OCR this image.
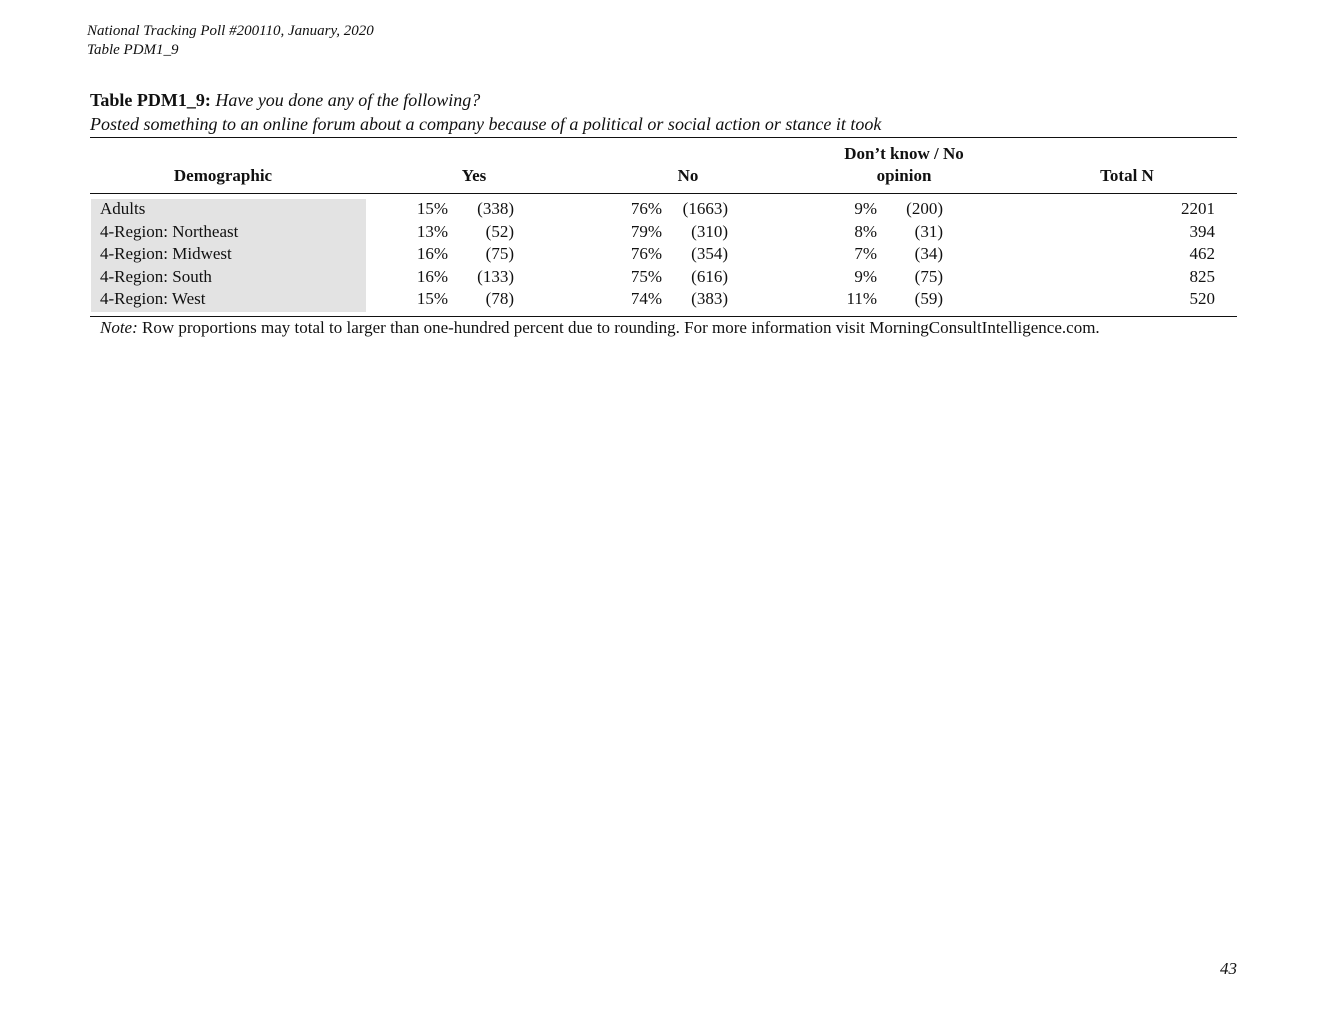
National Tracking Poll #200110, January, 2020
Table PDM1_9
Table PDM1_9: Have you done any of the following?
Posted something to an online forum about a company because of a political or social action or stance it took
Demographic	Yes	No
Don’t know / No
opinion	Total N
Adults	15%	(338)	76%	(1663)	9%	(200)	2201
4-Region: Northeast	13%	(52)	79%	(310)	8%	(31)	394
4-Region: Midwest	16%	(75)	76%	(354)	7%	(34)	462
4-Region: South	16%	(133)	75%	(616)	9%	(75)	825
4-Region: West	15%	(78)	74%	(383)	11%	(59)	520
Note: Row proportions may total to larger than one-hundred percent due to rounding. For more information visit MorningConsultIntelligence.com.
43
